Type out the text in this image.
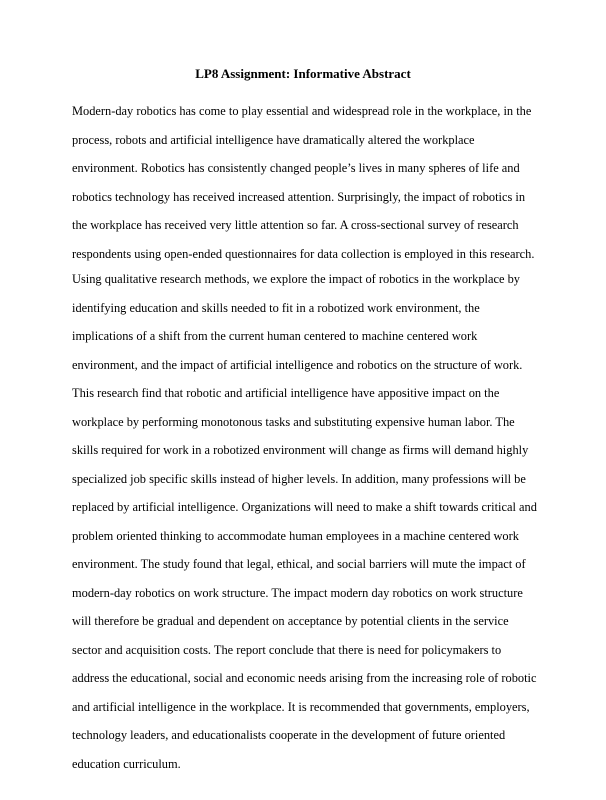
LP8 Assignment: Informative Abstract
Modern-day robotics has come to play essential and widespread role in the workplace, in the
process, robots and artificial intelligence have dramatically altered the workplace
environment. Robotics has consistently changed people’s lives in many spheres of life and
robotics technology has received increased attention. Surprisingly, the impact of robotics in
the workplace has received very little attention so far. A cross-sectional survey of research
respondents using open-ended questionnaires for data collection is employed in this research.
Using qualitative research methods, we explore the impact of robotics in the workplace by
identifying education and skills needed to fit in a robotized work environment, the
implications of a shift from the current human centered to machine centered work
environment, and the impact of artificial intelligence and robotics on the structure of work.
This research find that robotic and artificial intelligence have appositive impact on the
workplace by performing monotonous tasks and substituting expensive human labor. The
skills required for work in a robotized environment will change as firms will demand highly
specialized job specific skills instead of higher levels. In addition, many professions will be
replaced by artificial intelligence. Organizations will need to make a shift towards critical and
problem oriented thinking to accommodate human employees in a machine centered work
environment. The study found that legal, ethical, and social barriers will mute the impact of
modern-day robotics on work structure. The impact modern day robotics on work structure
will therefore be gradual and dependent on acceptance by potential clients in the service
sector and acquisition costs. The report conclude that there is need for policymakers to
address the educational, social and economic needs arising from the increasing role of robotic
and artificial intelligence in the workplace. It is recommended that governments, employers,
technology leaders, and educationalists cooperate in the development of future oriented
education curriculum.
